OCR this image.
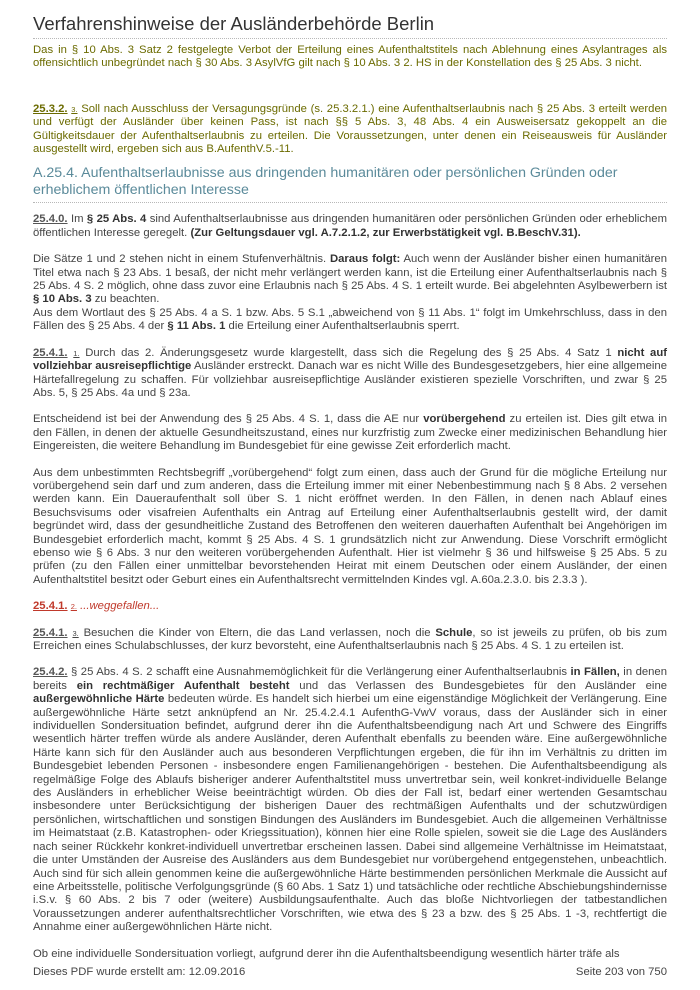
Verfahrenshinweise der Ausländerbehörde Berlin

Das in § 10 Abs. 3 Satz 2 festgelegte Verbot der Erteilung eines Aufenthaltstitels nach Ablehnung eines Asylantrages als offensichtlich unbegründet nach § 30 Abs. 3 AsylVfG gilt nach § 10 Abs. 3 2. HS in der Konstellation des § 25 Abs. 3 nicht.

25.3.2. 3. Soll nach Ausschluss der Versagungsgründe (s. 25.3.2.1.) eine Aufenthaltserlaubnis nach § 25 Abs. 3 erteilt werden und verfügt der Ausländer über keinen Pass, ist nach §§ 5 Abs. 3, 48 Abs. 4 ein Ausweisersatz gekoppelt an die Gültigkeitsdauer der Aufenthaltserlaubnis zu erteilen. Die Voraussetzungen, unter denen ein Reiseausweis für Ausländer ausgestellt wird, ergeben sich aus B.AufenthV.5.-11.

A.25.4. Aufenthaltserlaubnisse aus dringenden humanitären oder persönlichen Gründen oder erheblichem öffentlichen Interesse

25.4.0. Im § 25 Abs. 4 sind Aufenthaltserlaubnisse aus dringenden humanitären oder persönlichen Gründen oder erheblichem öffentlichen Interesse geregelt. (Zur Geltungsdauer vgl. A.7.2.1.2, zur Erwerbstätigkeit vgl. B.BeschV.31).

Die Sätze 1 und 2 stehen nicht in einem Stufenverhältnis. Daraus folgt: Auch wenn der Ausländer bisher einen humanitären Titel etwa nach § 23 Abs. 1 besaß, der nicht mehr verlängert werden kann, ist die Erteilung einer Aufenthaltserlaubnis nach § 25 Abs. 4 S. 2 möglich, ohne dass zuvor eine Erlaubnis nach § 25 Abs. 4 S. 1 erteilt wurde. Bei abgelehnten Asylbewerbern ist § 10 Abs. 3 zu beachten.
Aus dem Wortlaut des § 25 Abs. 4 a S. 1 bzw. Abs. 5 S.1 „abweichend von § 11 Abs. 1“ folgt im Umkehrschluss, dass in den Fällen des § 25 Abs. 4 der § 11 Abs. 1 die Erteilung einer Aufenthaltserlaubnis sperrt.

25.4.1. 1. Durch das 2. Änderungsgesetz wurde klargestellt, dass sich die Regelung des § 25 Abs. 4 Satz 1 nicht auf vollziehbar ausreisepflichtige Ausländer erstreckt. Danach war es nicht Wille des Bundesgesetzgebers, hier eine allgemeine Härtefallregelung zu schaffen. Für vollziehbar ausreisepflichtige Ausländer existieren spezielle Vorschriften, und zwar § 25 Abs. 5, § 25 Abs. 4a und § 23a.

Entscheidend ist bei der Anwendung des § 25 Abs. 4 S. 1, dass die AE nur vorübergehend zu erteilen ist. Dies gilt etwa in den Fällen, in denen der aktuelle Gesundheitszustand, eines nur kurzfristig zum Zwecke einer medizinischen Behandlung hier Eingereisten, die weitere Behandlung im Bundesgebiet für eine gewisse Zeit erforderlich macht.

Aus dem unbestimmten Rechtsbegriff „vorübergehend“ folgt zum einen, dass auch der Grund für die mögliche Erteilung nur vorübergehend sein darf und zum anderen, dass die Erteilung immer mit einer Nebenbestimmung nach § 8 Abs. 2 versehen werden kann. Ein Daueraufenthalt soll über S. 1 nicht eröffnet werden. In den Fällen, in denen nach Ablauf eines Besuchsvisums oder visafreien Aufenthalts ein Antrag auf Erteilung einer Aufenthaltserlaubnis gestellt wird, der damit begründet wird, dass der gesundheitliche Zustand des Betroffenen den weiteren dauerhaften Aufenthalt bei Angehörigen im Bundesgebiet erforderlich macht, kommt § 25 Abs. 4 S. 1 grundsätzlich nicht zur Anwendung. Diese Vorschrift ermöglicht ebenso wie § 6 Abs. 3 nur den weiteren vorübergehenden Aufenthalt. Hier ist vielmehr § 36 und hilfsweise § 25 Abs. 5 zu prüfen (zu den Fällen einer unmittelbar bevorstehenden Heirat mit einem Deutschen oder einem Ausländer, der einen Aufenthaltstitel besitzt oder Geburt eines ein Aufenthaltsrecht vermittelnden Kindes vgl. A.60a.2.3.0. bis 2.3.3 ).

25.4.1. 2. ...weggefallen...

25.4.1. 3. Besuchen die Kinder von Eltern, die das Land verlassen, noch die Schule, so ist jeweils zu prüfen, ob bis zum Erreichen eines Schulabschlusses, der kurz bevorsteht, eine Aufenthaltserlaubnis nach § 25 Abs. 4 S. 1 zu erteilen ist.

25.4.2. § 25 Abs. 4 S. 2 schafft eine Ausnahmemöglichkeit für die Verlängerung einer Aufenthaltserlaubnis in Fällen, in denen bereits ein rechtmäßiger Aufenthalt besteht und das Verlassen des Bundesgebietes für den Ausländer eine außergewöhnliche Härte bedeuten würde. Es handelt sich hierbei um eine eigenständige Möglichkeit der Verlängerung. Eine außergewöhnliche Härte setzt anknüpfend an Nr. 25.4.2.4.1 AufenthG-VwV voraus, dass der Ausländer sich in einer individuellen Sondersituation befindet, aufgrund derer ihn die Aufenthaltsbeendigung nach Art und Schwere des Eingriffs wesentlich härter treffen würde als andere Ausländer, deren Aufenthalt ebenfalls zu beenden wäre. Eine außergewöhnliche Härte kann sich für den Ausländer auch aus besonderen Verpflichtungen ergeben, die für ihn im Verhältnis zu dritten im Bundesgebiet lebenden Personen - insbesondere engen Familienangehörigen - bestehen. Die Aufenthaltsbeendigung als regelmäßige Folge des Ablaufs bisheriger anderer Aufenthaltstitel muss unvertretbar sein, weil konkret-individuelle Belange des Ausländers in erheblicher Weise beeinträchtigt würden. Ob dies der Fall ist, bedarf einer wertenden Gesamtschau insbesondere unter Berücksichtigung der bisherigen Dauer des rechtmäßigen Aufenthalts und der schutzwürdigen persönlichen, wirtschaftlichen und sonstigen Bindungen des Ausländers im Bundesgebiet. Auch die allgemeinen Verhältnisse im Heimatstaat (z.B. Katastrophen- oder Kriegssituation), können hier eine Rolle spielen, soweit sie die Lage des Ausländers nach seiner Rückkehr konkret-individuell unvertretbar erscheinen lassen. Dabei sind allgemeine Verhältnisse im Heimatstaat, die unter Umständen der Ausreise des Ausländers aus dem Bundesgebiet nur vorübergehend entgegenstehen, unbeachtlich. Auch sind für sich allein genommen keine die außergewöhnliche Härte bestimmenden persönlichen Merkmale die Aussicht auf eine Arbeitsstelle, politische Verfolgungsgründe (§ 60 Abs. 1 Satz 1) und tatsächliche oder rechtliche Abschiebungshindernisse i.S.v. § 60 Abs. 2 bis 7 oder (weitere) Ausbildungsaufenthalte. Auch das bloße Nichtvorliegen der tatbestandlichen Voraussetzungen anderer aufenthaltsrechtlicher Vorschriften, wie etwa des § 23 a bzw. des § 25 Abs. 1 -3, rechtfertigt die Annahme einer außergewöhnlichen Härte nicht.

Ob eine individuelle Sondersituation vorliegt, aufgrund derer ihn die Aufenthaltsbeendigung wesentlich härter träfe als

Dieses PDF wurde erstellt am: 12.09.2016	Seite 203 von 750
